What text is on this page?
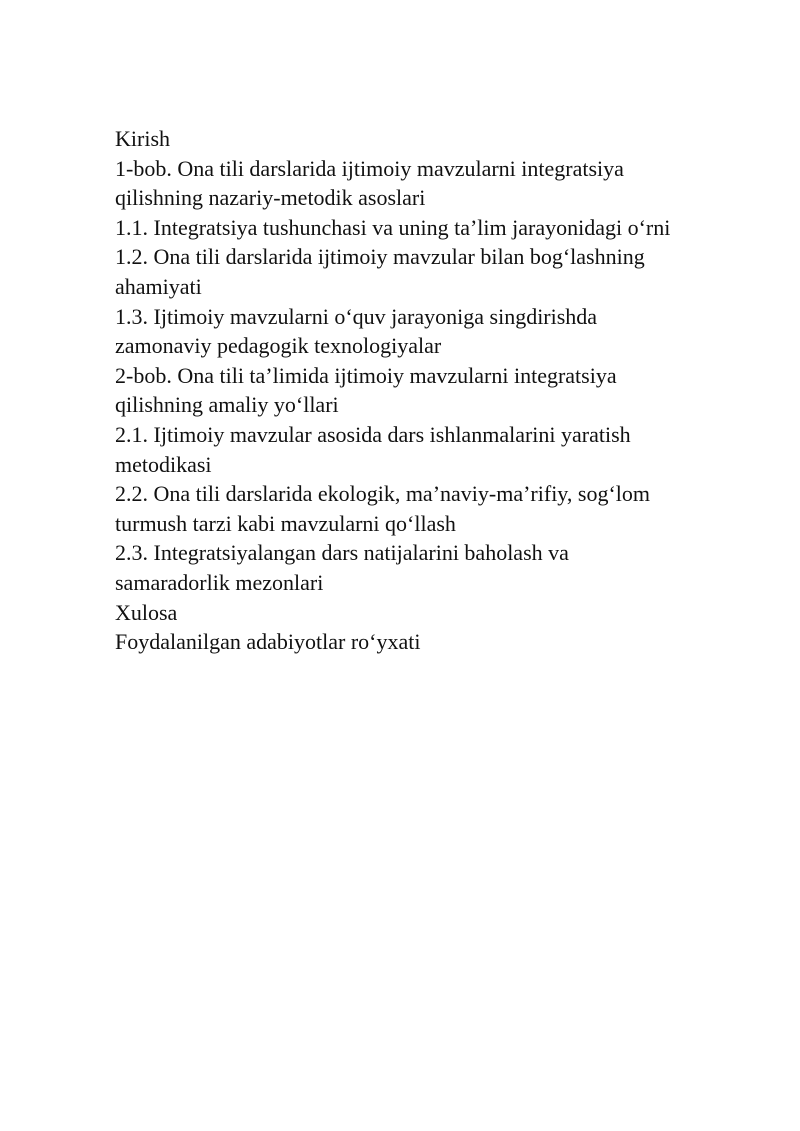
Kirish
1-bob. Ona tili darslarida ijtimoiy mavzularni integratsiya
qilishning nazariy-metodik asoslari
1.1. Integratsiya tushunchasi va uning ta’lim jarayonidagi o‘rni
1.2. Ona tili darslarida ijtimoiy mavzular bilan bog‘lashning
ahamiyati
1.3. Ijtimoiy mavzularni o‘quv jarayoniga singdirishda
zamonaviy pedagogik texnologiyalar
2-bob. Ona tili ta’limida ijtimoiy mavzularni integratsiya
qilishning amaliy yo‘llari
2.1. Ijtimoiy mavzular asosida dars ishlanmalarini yaratish
metodikasi
2.2. Ona tili darslarida ekologik, ma’naviy-ma’rifiy, sog‘lom
turmush tarzi kabi mavzularni qo‘llash
2.3. Integratsiyalangan dars natijalarini baholash va
samaradorlik mezonlari
Xulosa
Foydalanilgan adabiyotlar ro‘yxati
